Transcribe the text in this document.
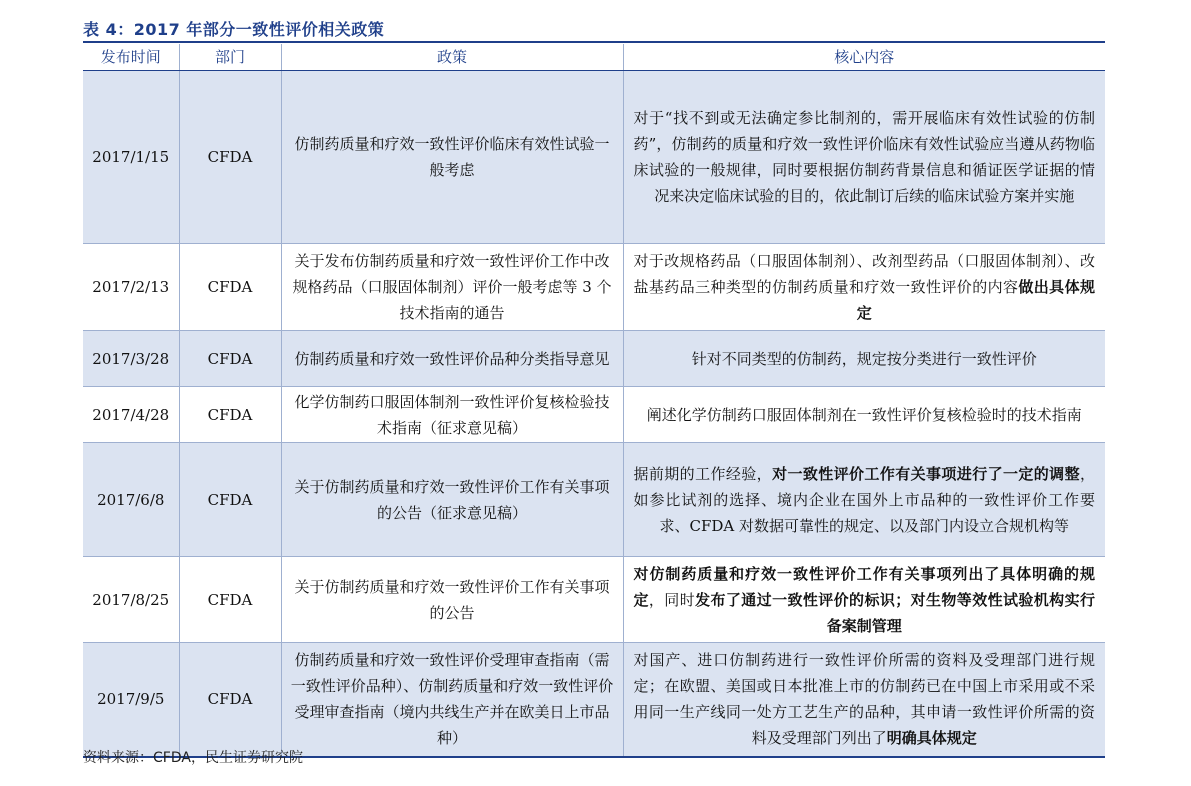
表 4：2017 年部分一致性评价相关政策
发布时间	部门	政策	核心内容
2017/1/15	CFDA	仿制药质量和疗效一致性评价临床有效性试验一般考虑	对于“找不到或无法确定参比制剂的，需开展临床有效性试验的仿制药”，仿制药的质量和疗效一致性评价临床有效性试验应当遵从药物临床试验的一般规律，同时要根据仿制药背景信息和循证医学证据的情况来决定临床试验的目的，依此制订后续的临床试验方案并实施
2017/2/13	CFDA	关于发布仿制药质量和疗效一致性评价工作中改规格药品（口服固体制剂）评价一般考虑等 3 个技术指南的通告	对于改规格药品（口服固体制剂）、改剂型药品（口服固体制剂）、改盐基药品三种类型的仿制药质量和疗效一致性评价的内容做出具体规定
2017/3/28	CFDA	仿制药质量和疗效一致性评价品种分类指导意见	针对不同类型的仿制药，规定按分类进行一致性评价
2017/4/28	CFDA	化学仿制药口服固体制剂一致性评价复核检验技术指南（征求意见稿）	阐述化学仿制药口服固体制剂在一致性评价复核检验时的技术指南
2017/6/8	CFDA	关于仿制药质量和疗效一致性评价工作有关事项的公告（征求意见稿）	据前期的工作经验，对一致性评价工作有关事项进行了一定的调整，如参比试剂的选择、境内企业在国外上市品种的一致性评价工作要求、CFDA 对数据可靠性的规定、以及部门内设立合规机构等
2017/8/25	CFDA	关于仿制药质量和疗效一致性评价工作有关事项的公告	对仿制药质量和疗效一致性评价工作有关事项列出了具体明确的规定，同时发布了通过一致性评价的标识；对生物等效性试验机构实行备案制管理
2017/9/5	CFDA	仿制药质量和疗效一致性评价受理审查指南（需一致性评价品种）、仿制药质量和疗效一致性评价受理审查指南（境内共线生产并在欧美日上市品种）	对国产、进口仿制药进行一致性评价所需的资料及受理部门进行规定；在欧盟、美国或日本批准上市的仿制药已在中国上市采用或不采用同一生产线同一处方工艺生产的品种，其申请一致性评价所需的资料及受理部门列出了明确具体规定
资料来源：CFDA，民生证券研究院
